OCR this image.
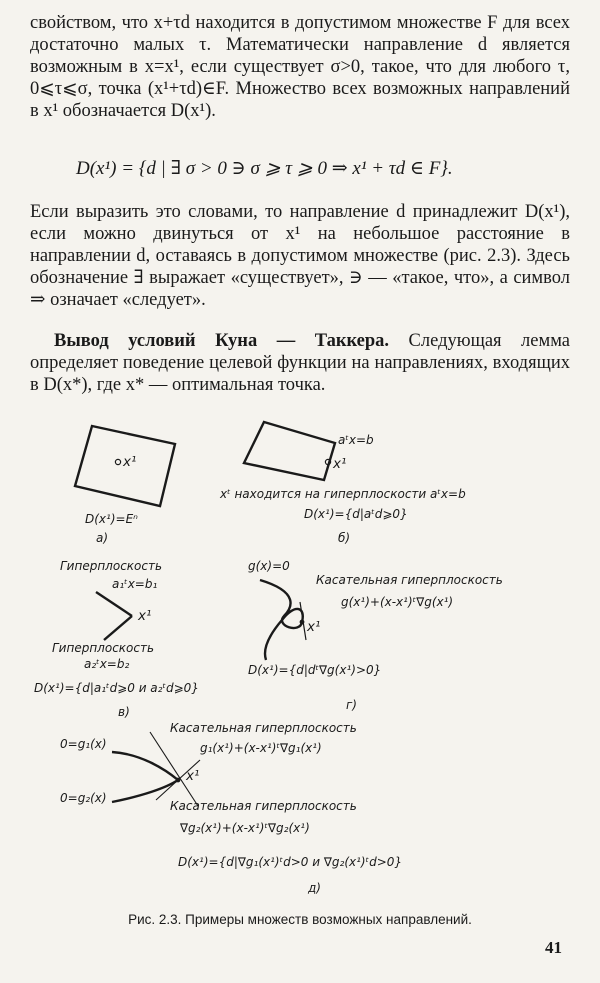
свойством, что x+τd находится в допустимом множестве F для всех достаточно малых τ. Математически направление d является возможным в x=x¹, если существует σ>0, такое, что для любого τ, 0⩽τ⩽σ, точка (x¹+τd)∈F. Множество всех возможных направлений в x¹ обозначается D(x¹).
D(x¹) = {d | ∃ σ > 0 ∋ σ ⩾ τ ⩾ 0 ⇒ x¹ + τd ∈ F}.
Если выразить это словами, то направление d принадлежит D(x¹), если можно двинуться от x¹ на небольшое расстояние в направлении d, оставаясь в допустимом множестве (рис. 2.3). Здесь обозначение ∃ выражает «существует», ∋ — «такое, что», а символ ⇒ означает «следует».
Вывод условий Куна — Таккера. Следующая лемма определяет поведение целевой функции на направлениях, входящих в D(x*), где x* — оптимальная точка.
x¹
D(x¹)=Eⁿ
а)
aᵗx=b
x¹
xᵗ находится на гиперплоскости aᵗx=b
D(x¹)={d|aᵗd⩾0}
б)
Гиперплоскость
a₁ᵗx=b₁
x¹
Гиперплоскость
a₂ᵗx=b₂
D(x¹)={d|a₁ᵗd⩾0 и a₂ᵗd⩾0}
в)
g(x)=0
Касательная гиперплоскость
g(x¹)+(x-x¹)ᵗ∇g(x¹)
x¹
D(x¹)={d|dᵗ∇g(x¹)>0}
г)
0=g₁(x)
0=g₂(x)
Касательная гиперплоскость
g₁(x¹)+(x-x¹)ᵗ∇g₁(x¹)
x¹
Касательная гиперплоскость
∇g₂(x¹)+(x-x¹)ᵗ∇g₂(x¹)
D(x¹)={d|∇g₁(x¹)ᵗd>0 и ∇g₂(x¹)ᵗd>0}
д)
Рис. 2.3. Примеры множеств возможных направлений.
41
